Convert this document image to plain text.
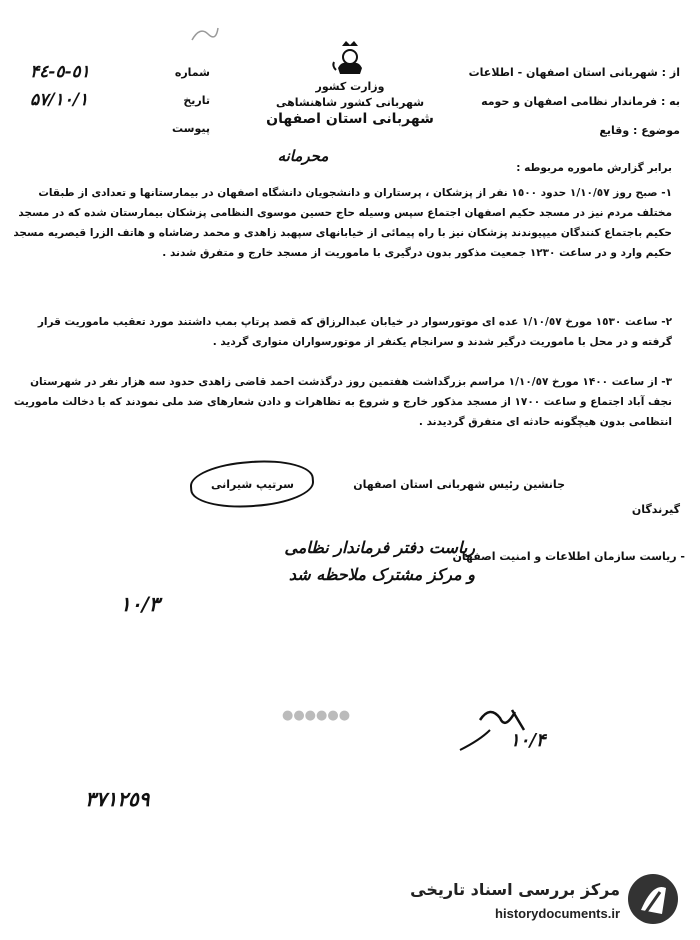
وزارت کشور
شهربانی کشور شاهنشاهی
شهربانی استان اصفهان
شماره
٥١-٥-۴٤
تاریخ
۵٧/١٠/١
پیوست
از : شهربانی استان اصفهان - اطلاعات
به : فرماندار نظامی اصفهان و حومه
موضوع : وقایع
محرمانه
برابر گزارش ماموره مربوطه :
١- صبح روز ١/١٠/٥٧ حدود ١٥٠٠ نفر از پزشکان ، پرستاران و دانشجویان دانشگاه اصفهان در بیمارستانها و تعدادی از طبقات مختلف مردم نیز در مسجد حکیم اصفهان اجتماع سپس وسیله حاج حسین موسوی النظامی پزشکان بیمارستان شده که در مسجد حکیم باجتماع کنندگان میپیوندند پزشکان نیز با راه پیمائی از خیابانهای سپهبد زاهدی و محمد رضاشاه و هاتف الزرا قیصریه مسجد حکیم وارد و در ساعت ١٢٣٠ جمعیت مذکور بدون درگیری با ماموریت از مسجد خارج و متفرق شدند .
٢- ساعت ١٥٣٠ مورخ ١/١٠/٥٧ عده ای موتورسوار در خیابان عبدالرزاق که قصد پرتاپ بمب داشتند مورد تعقیب ماموریت قرار گرفته و در محل با ماموریت درگیر شدند و سرانجام یکنفر از موتورسواران متواری گردید .
٣- از ساعت ١۴٠٠ مورخ ١/١٠/٥٧ مراسم بزرگداشت هفتمین روز درگذشت احمد قاضی زاهدی حدود سه هزار نفر در شهرستان نجف آباد اجتماع و ساعت ١٧٠٠ از مسجد مذکور خارج و شروع به تظاهرات و دادن شعارهای ضد ملی نمودند که با دخالت ماموریت انتظامی بدون هیچگونه حادثه ای متفرق گردیدند .
سرتیپ شیرانی	جانشین رئیس شهربانی استان اصفهان
گیرندگان
- ریاست سازمان اطلاعات و امنیت اصفهان
ریاست دفتر فرماندار نظامی
و مرکز مشترک ملاحظه شد
١٠/٣
١٠/۴
●●●●●●
۳۷١٢٥٩
مرکز بررسی اسناد تاریخی
historydocuments.ir
